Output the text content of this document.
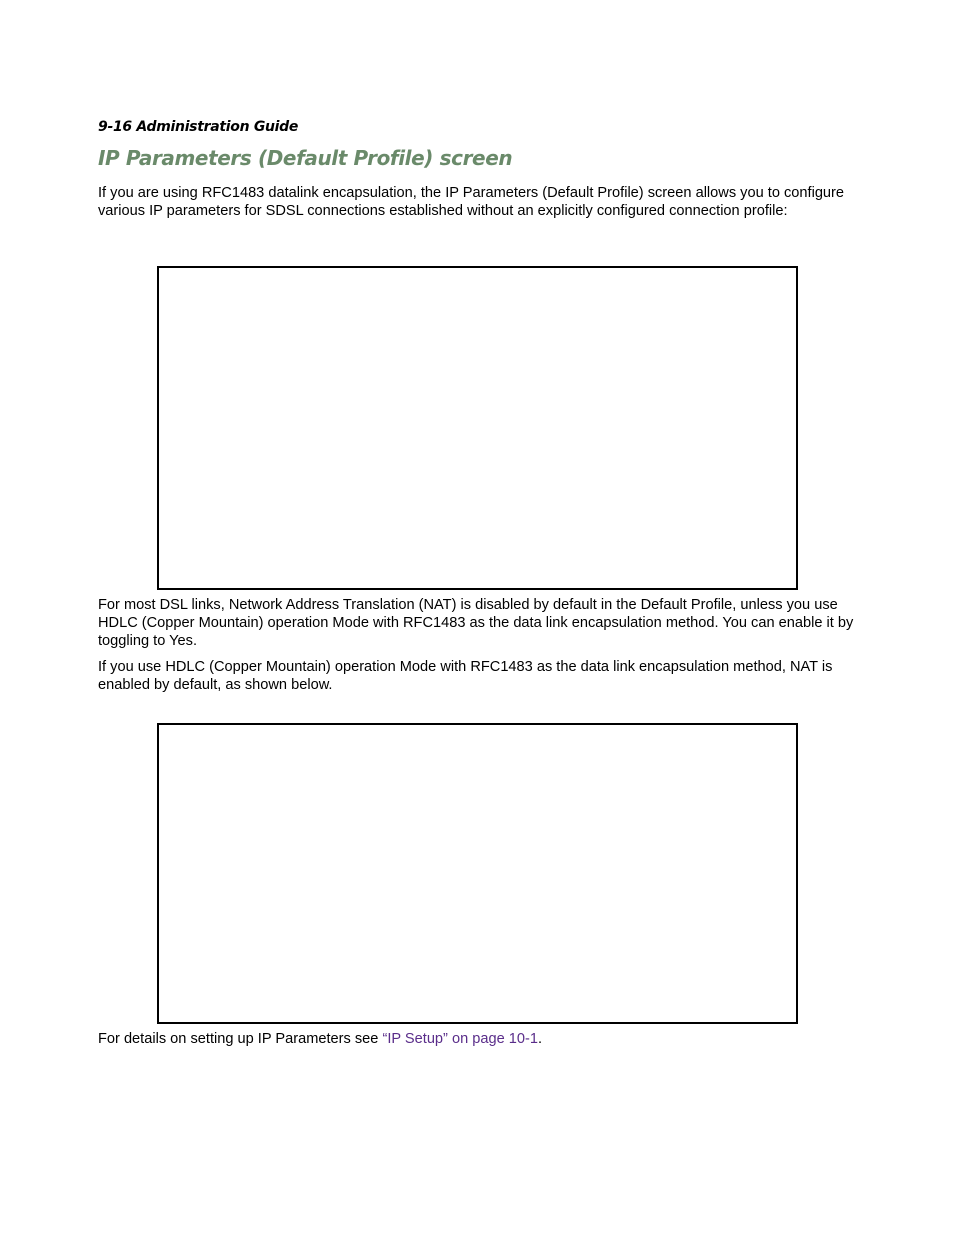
9-16 Administration Guide
IP Parameters (Default Profile) screen

If you are using RFC1483 datalink encapsulation, the IP Parameters (Default Profile) screen allows you to configure various IP parameters for SDSL connections established without an explicitly configured connection profile:

For most DSL links, Network Address Translation (NAT) is disabled by default in the Default Profile, unless you use HDLC (Copper Mountain) operation Mode with RFC1483 as the data link encapsulation method. You can enable it by toggling to Yes.

If you use HDLC (Copper Mountain) operation Mode with RFC1483 as the data link encapsulation method, NAT is enabled by default, as shown below.

For details on setting up IP Parameters see “IP Setup” on page 10-1.
